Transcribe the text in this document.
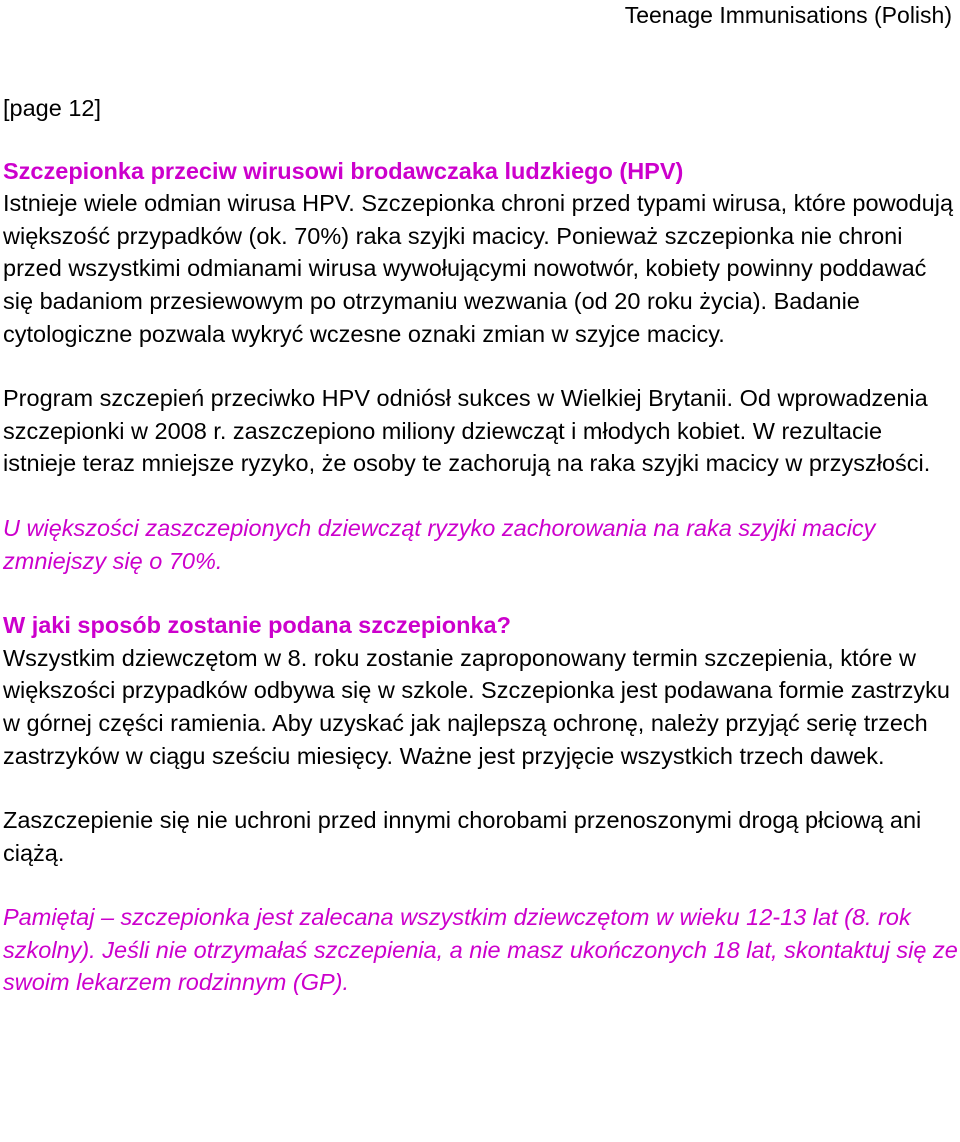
Teenage Immunisations (Polish)

[page 12]

Szczepionka przeciw wirusowi brodawczaka ludzkiego (HPV)

Istnieje wiele odmian wirusa HPV. Szczepionka chroni przed typami wirusa, które powodują większość przypadków (ok. 70%) raka szyjki macicy. Ponieważ szczepionka nie chroni przed wszystkimi odmianami wirusa wywołującymi nowotwór, kobiety powinny poddawać się badaniom przesiewowym po otrzymaniu wezwania (od 20 roku życia). Badanie cytologiczne pozwala wykryć wczesne oznaki zmian w szyjce macicy.

Program szczepień przeciwko HPV odniósł sukces w Wielkiej Brytanii. Od wprowadzenia szczepionki w 2008 r. zaszczepiono miliony dziewcząt i młodych kobiet. W rezultacie istnieje teraz mniejsze ryzyko, że osoby te zachorują na raka szyjki macicy w przyszłości.

U większości zaszczepionych dziewcząt ryzyko zachorowania na raka szyjki macicy zmniejszy się o 70%.

W jaki sposób zostanie podana szczepionka?

Wszystkim dziewczętom w 8. roku zostanie zaproponowany termin szczepienia, które w większości przypadków odbywa się w szkole. Szczepionka jest podawana formie zastrzyku w górnej części ramienia. Aby uzyskać jak najlepszą ochronę, należy przyjąć serię trzech zastrzyków w ciągu sześciu miesięcy. Ważne jest przyjęcie wszystkich trzech dawek.

Zaszczepienie się nie uchroni przed innymi chorobami przenoszonymi drogą płciową ani ciążą.

Pamiętaj – szczepionka jest zalecana wszystkim dziewczętom w wieku 12-13 lat (8. rok szkolny). Jeśli nie otrzymałaś szczepienia, a nie masz ukończonych 18 lat, skontaktuj się ze swoim lekarzem rodzinnym (GP).
